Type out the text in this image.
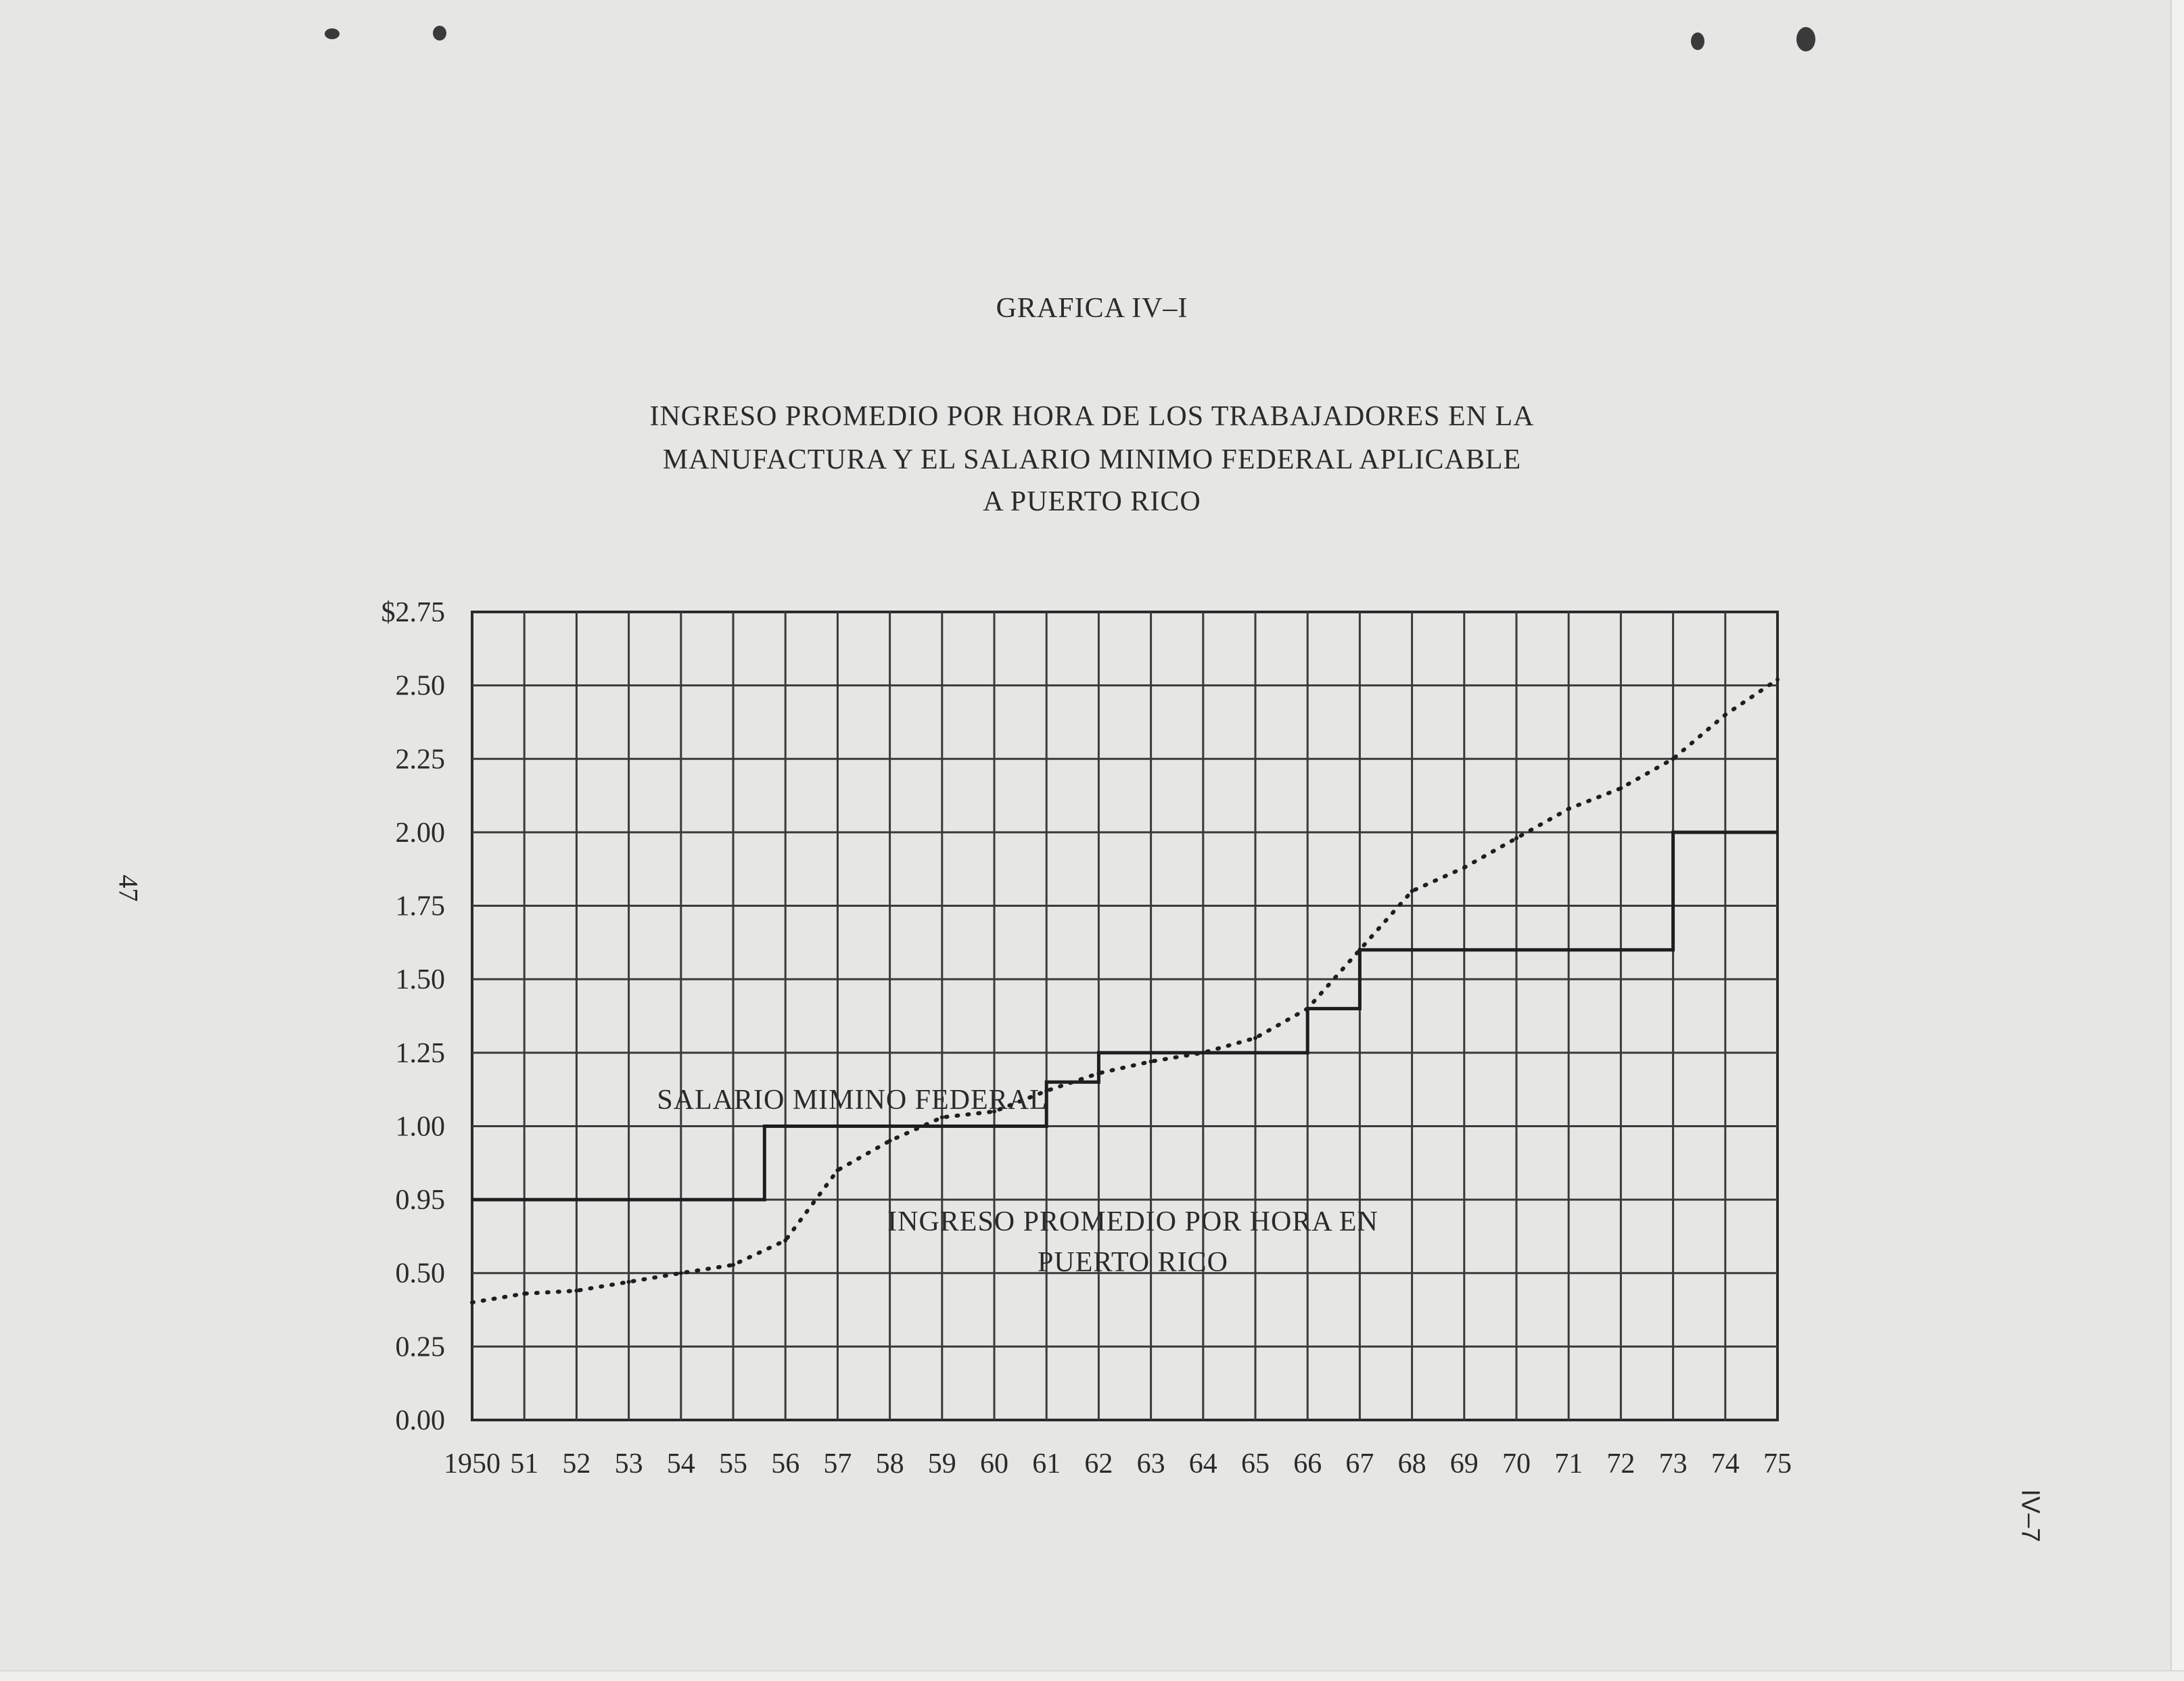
GRAFICA IV–I
INGRESO PROMEDIO POR HORA DE LOS TRABAJADORES EN LA
MANUFACTURA Y EL SALARIO MINIMO FEDERAL APLICABLE
A PUERTO RICO
47
IV–7
1950 51 52 53 54 55 56 57 58 59 60 61 62 63 64 65 66 67 68 69 70 71 72 73 74 75
$2.75
2.50
2.25
2.00
1.75
1.50
1.25
1.00
0.95
0.50
0.25
0.00
SALARIO MIMINO FEDERAL
INGRESO PROMEDIO POR HORA EN
PUERTO RICO
